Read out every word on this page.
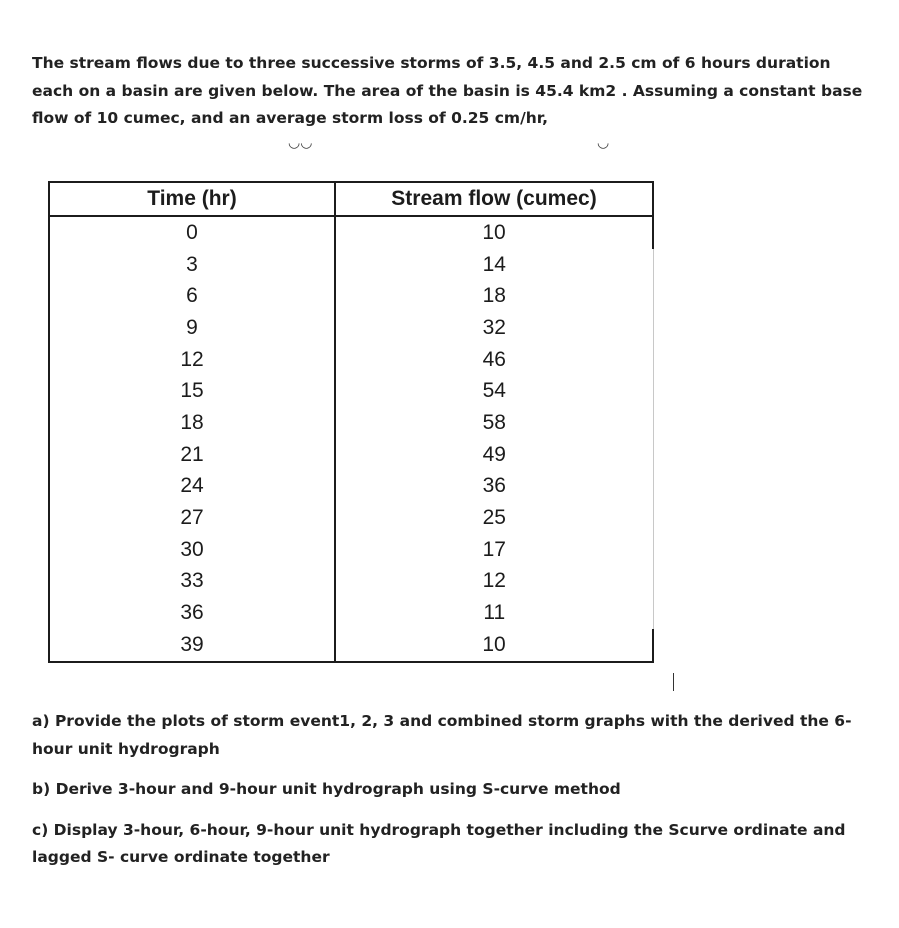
The stream flows due to three successive storms of 3.5, 4.5 and 2.5 cm of 6 hours duration each on a basin are given below. The area of the basin is 45.4 km2 . Assuming a constant base flow of 10 cumec, and an average storm loss of 0.25 cm/hr,

◡◡	◡
Time (hr)	Stream flow (cumec)
0	10
3	14
6	18
9	32
12	46
15	54
18	58
21	49
24	36
27	25
30	17
33	12
36	11
39	10

a) Provide the plots of storm event1, 2, 3 and combined storm graphs with the derived the 6-hour unit hydrograph

b) Derive 3-hour and 9-hour unit hydrograph using S-curve method

c) Display 3-hour, 6-hour, 9-hour unit hydrograph together including the Scurve ordinate and lagged S- curve ordinate together
